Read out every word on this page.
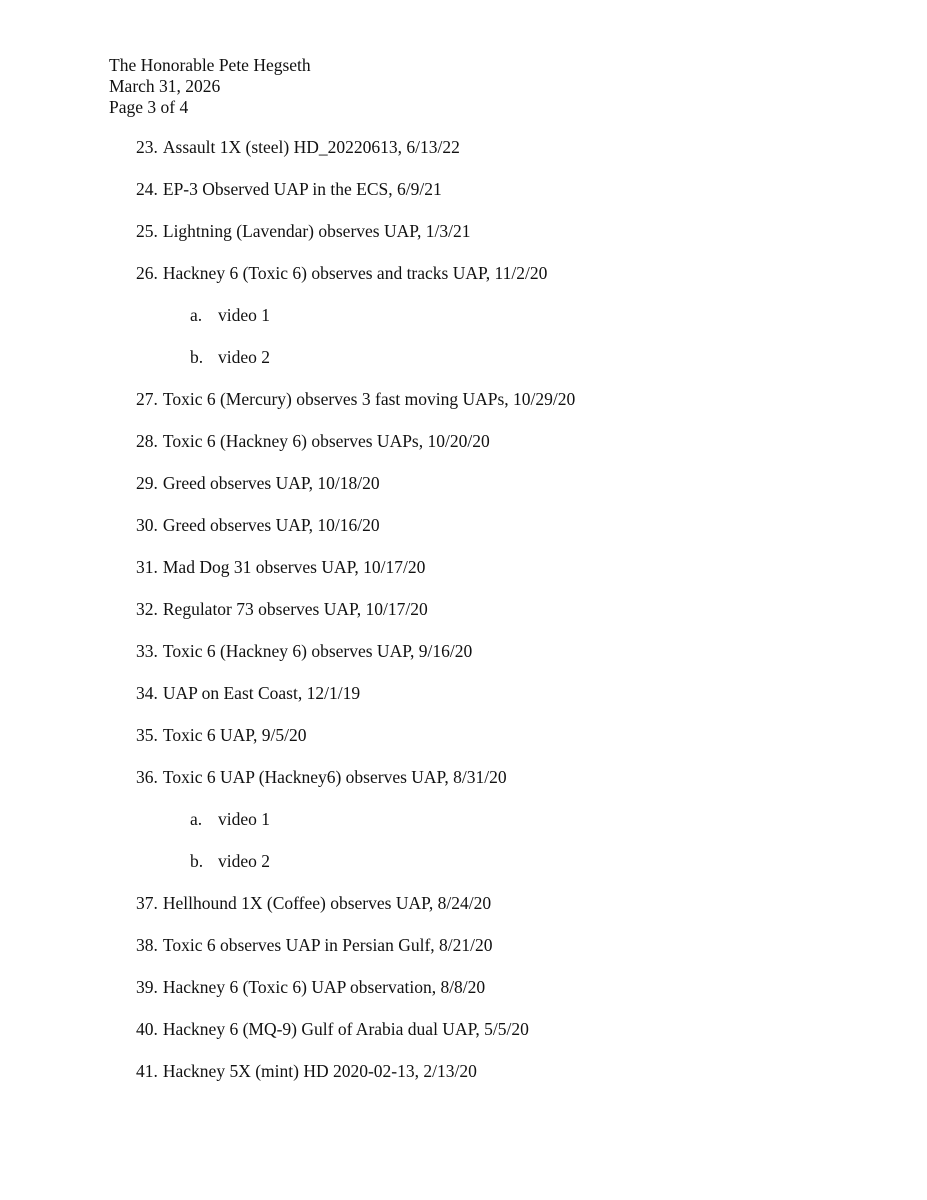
The Honorable Pete Hegseth
March 31, 2026
Page 3 of 4
23. Assault 1X (steel) HD_20220613, 6/13/22
24. EP-3 Observed UAP in the ECS, 6/9/21
25. Lightning (Lavendar) observes UAP, 1/3/21
26. Hackney 6 (Toxic 6) observes and tracks UAP, 11/2/20
a. video 1
b. video 2
27. Toxic 6 (Mercury) observes 3 fast moving UAPs, 10/29/20
28. Toxic 6 (Hackney 6) observes UAPs, 10/20/20
29. Greed observes UAP, 10/18/20
30. Greed observes UAP, 10/16/20
31. Mad Dog 31 observes UAP, 10/17/20
32. Regulator 73 observes UAP, 10/17/20
33. Toxic 6 (Hackney 6) observes UAP, 9/16/20
34. UAP on East Coast, 12/1/19
35. Toxic 6 UAP, 9/5/20
36. Toxic 6 UAP (Hackney6) observes UAP, 8/31/20
a. video 1
b. video 2
37. Hellhound 1X (Coffee) observes UAP, 8/24/20
38. Toxic 6 observes UAP in Persian Gulf, 8/21/20
39. Hackney 6 (Toxic 6) UAP observation, 8/8/20
40. Hackney 6 (MQ-9) Gulf of Arabia dual UAP, 5/5/20
41. Hackney 5X (mint) HD 2020-02-13, 2/13/20
